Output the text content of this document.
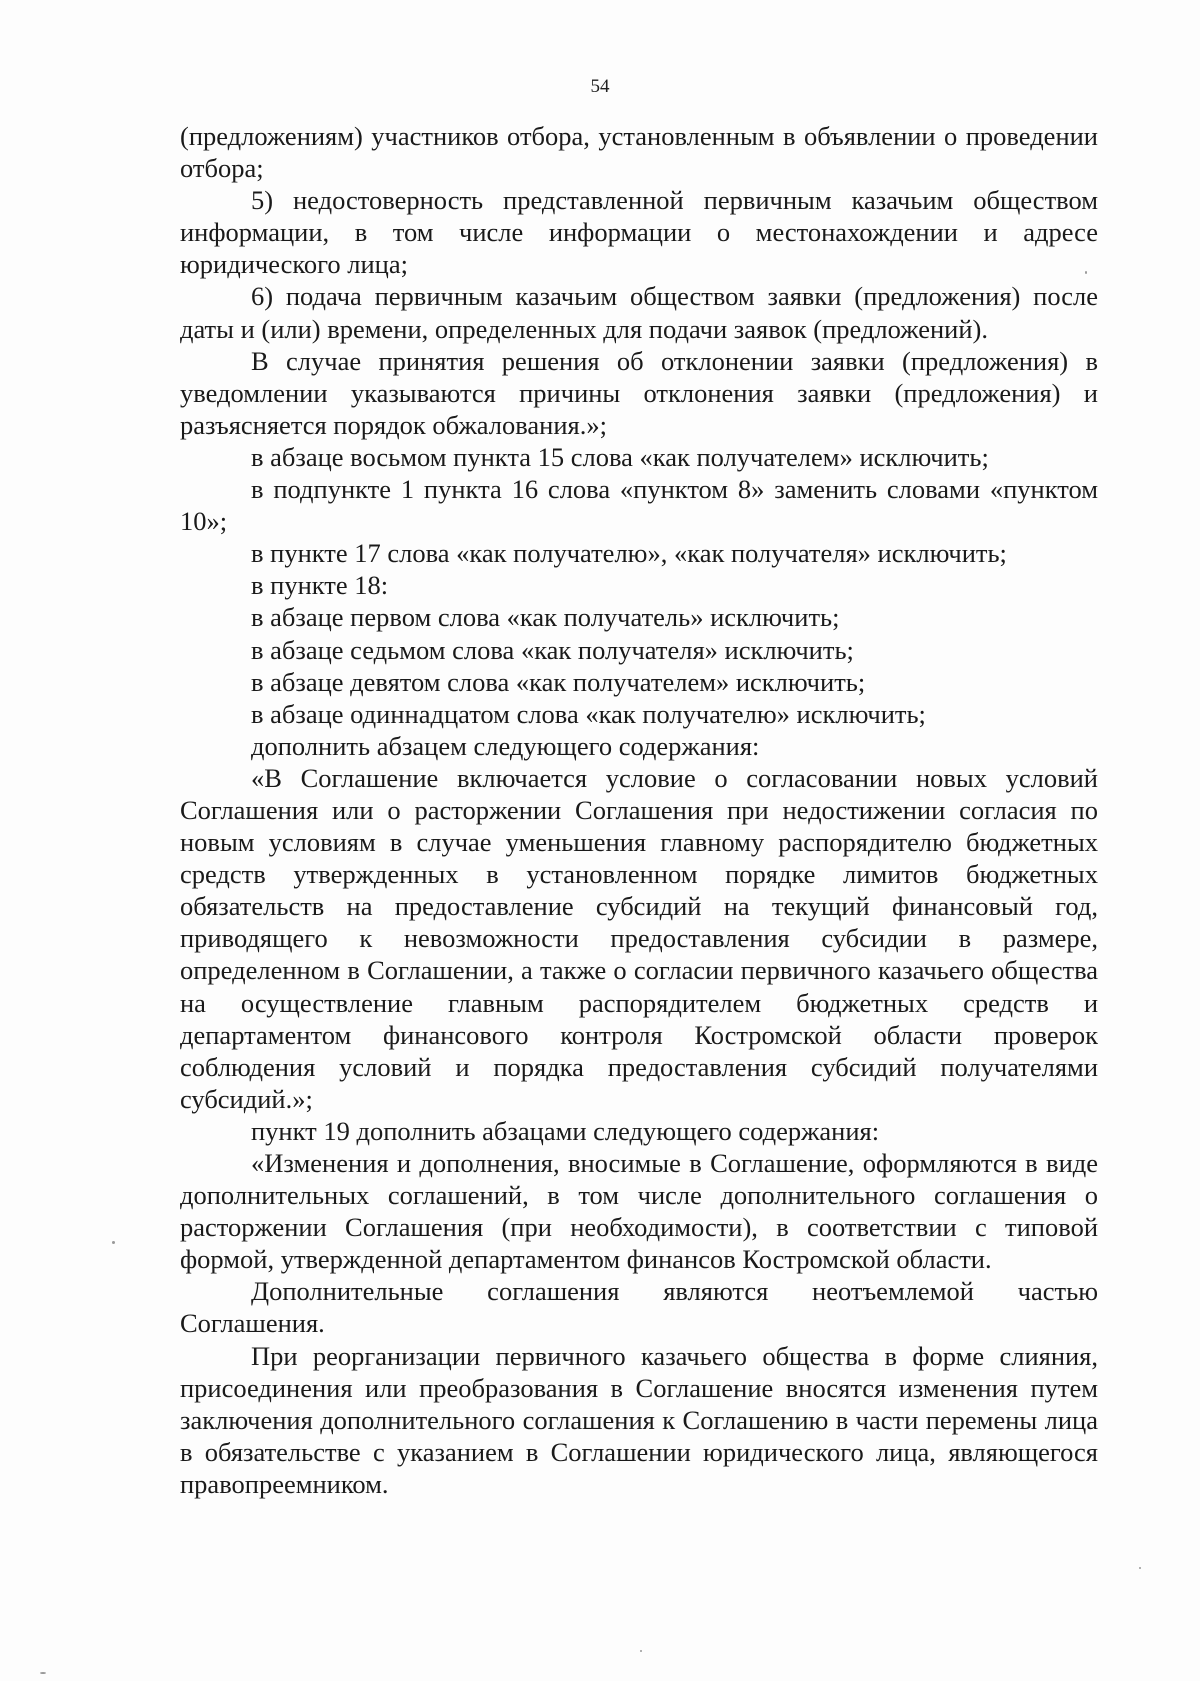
54

(предложениям) участников отбора, установленным в объявлении о проведении отбора;

5) недостоверность представленной первичным казачьим обществом информации, в том числе информации о местонахождении и адресе юридического лица;

6) подача первичным казачьим обществом заявки (предложения) после даты и (или) времени, определенных для подачи заявок (предложений).

В случае принятия решения об отклонении заявки (предложения) в уведомлении указываются причины отклонения заявки (предложения) и разъясняется порядок обжалования.»;

в абзаце восьмом пункта 15 слова «как получателем» исключить;

в подпункте 1 пункта 16 слова «пунктом 8» заменить словами «пунктом 10»;

в пункте 17 слова «как получателю», «как получателя» исключить;

в пункте 18:

в абзаце первом слова «как получатель» исключить;

в абзаце седьмом слова «как получателя» исключить;

в абзаце девятом слова «как получателем» исключить;

в абзаце одиннадцатом слова «как получателю» исключить;

дополнить абзацем следующего содержания:

«В Соглашение включается условие о согласовании новых условий Соглашения или о расторжении Соглашения при недостижении согласия по новым условиям в случае уменьшения главному распорядителю бюджетных средств утвержденных в установленном порядке лимитов бюджетных обязательств на предоставление субсидий на текущий финансовый год, приводящего к невозможности предоставления субсидии в размере, определенном в Соглашении, а также о согласии первичного казачьего общества на осуществление главным распорядителем бюджетных средств и департаментом финансового контроля Костромской области проверок соблюдения условий и порядка предоставления субсидий получателями субсидий.»;

пункт 19 дополнить абзацами следующего содержания:

«Изменения и дополнения, вносимые в Соглашение, оформляются в виде дополнительных соглашений, в том числе дополнительного соглашения о расторжении Соглашения (при необходимости), в соответствии с типовой формой, утвержденной департаментом финансов Костромской области.

Дополнительные соглашения являются неотъемлемой частью Соглашения.

При реорганизации первичного казачьего общества в форме слияния, присоединения или преобразования в Соглашение вносятся изменения путем заключения дополнительного соглашения к Соглашению в части перемены лица в обязательстве с указанием в Соглашении юридического лица, являющегося правопреемником.
